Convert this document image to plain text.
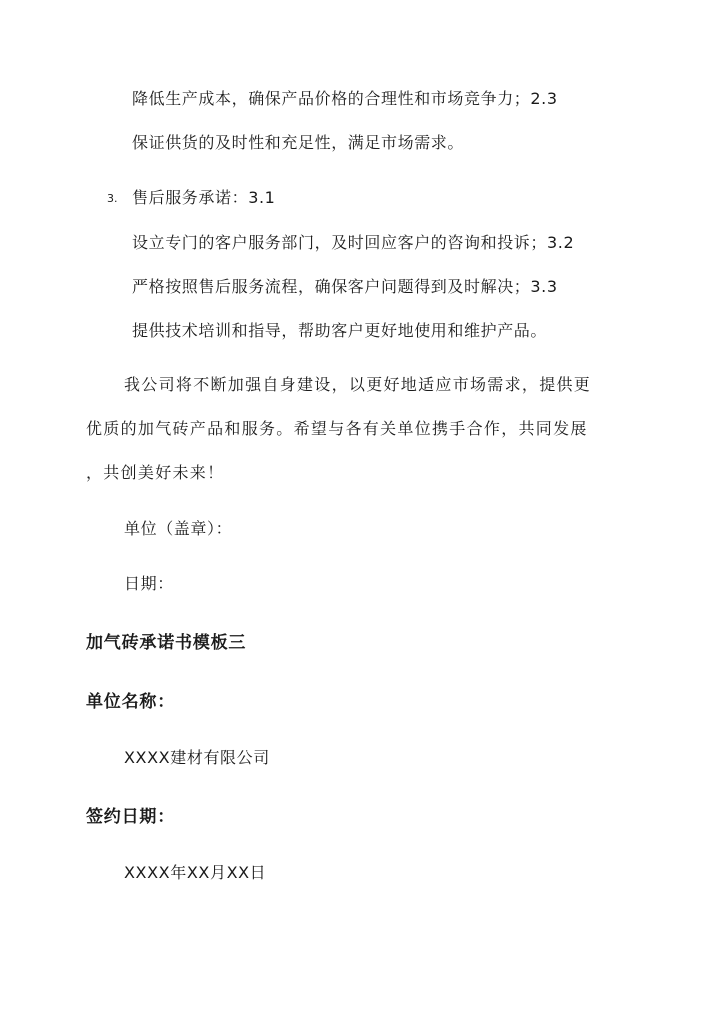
降低生产成本，确保产品价格的合理性和市场竞争力；2.3
保证供货的及时性和充足性，满足市场需求。
3. 售后服务承诺：3.1
设立专门的客户服务部门，及时回应客户的咨询和投诉；3.2
严格按照售后服务流程，确保客户问题得到及时解决；3.3
提供技术培训和指导，帮助客户更好地使用和维护产品。
我公司将不断加强自身建设，以更好地适应市场需求，提供更
优质的加气砖产品和服务。希望与各有关单位携手合作，共同发展
，共创美好未来！
单位（盖章）：
日期：
加气砖承诺书模板三
单位名称：
XXXX建材有限公司
签约日期：
XXXX年XX月XX日
